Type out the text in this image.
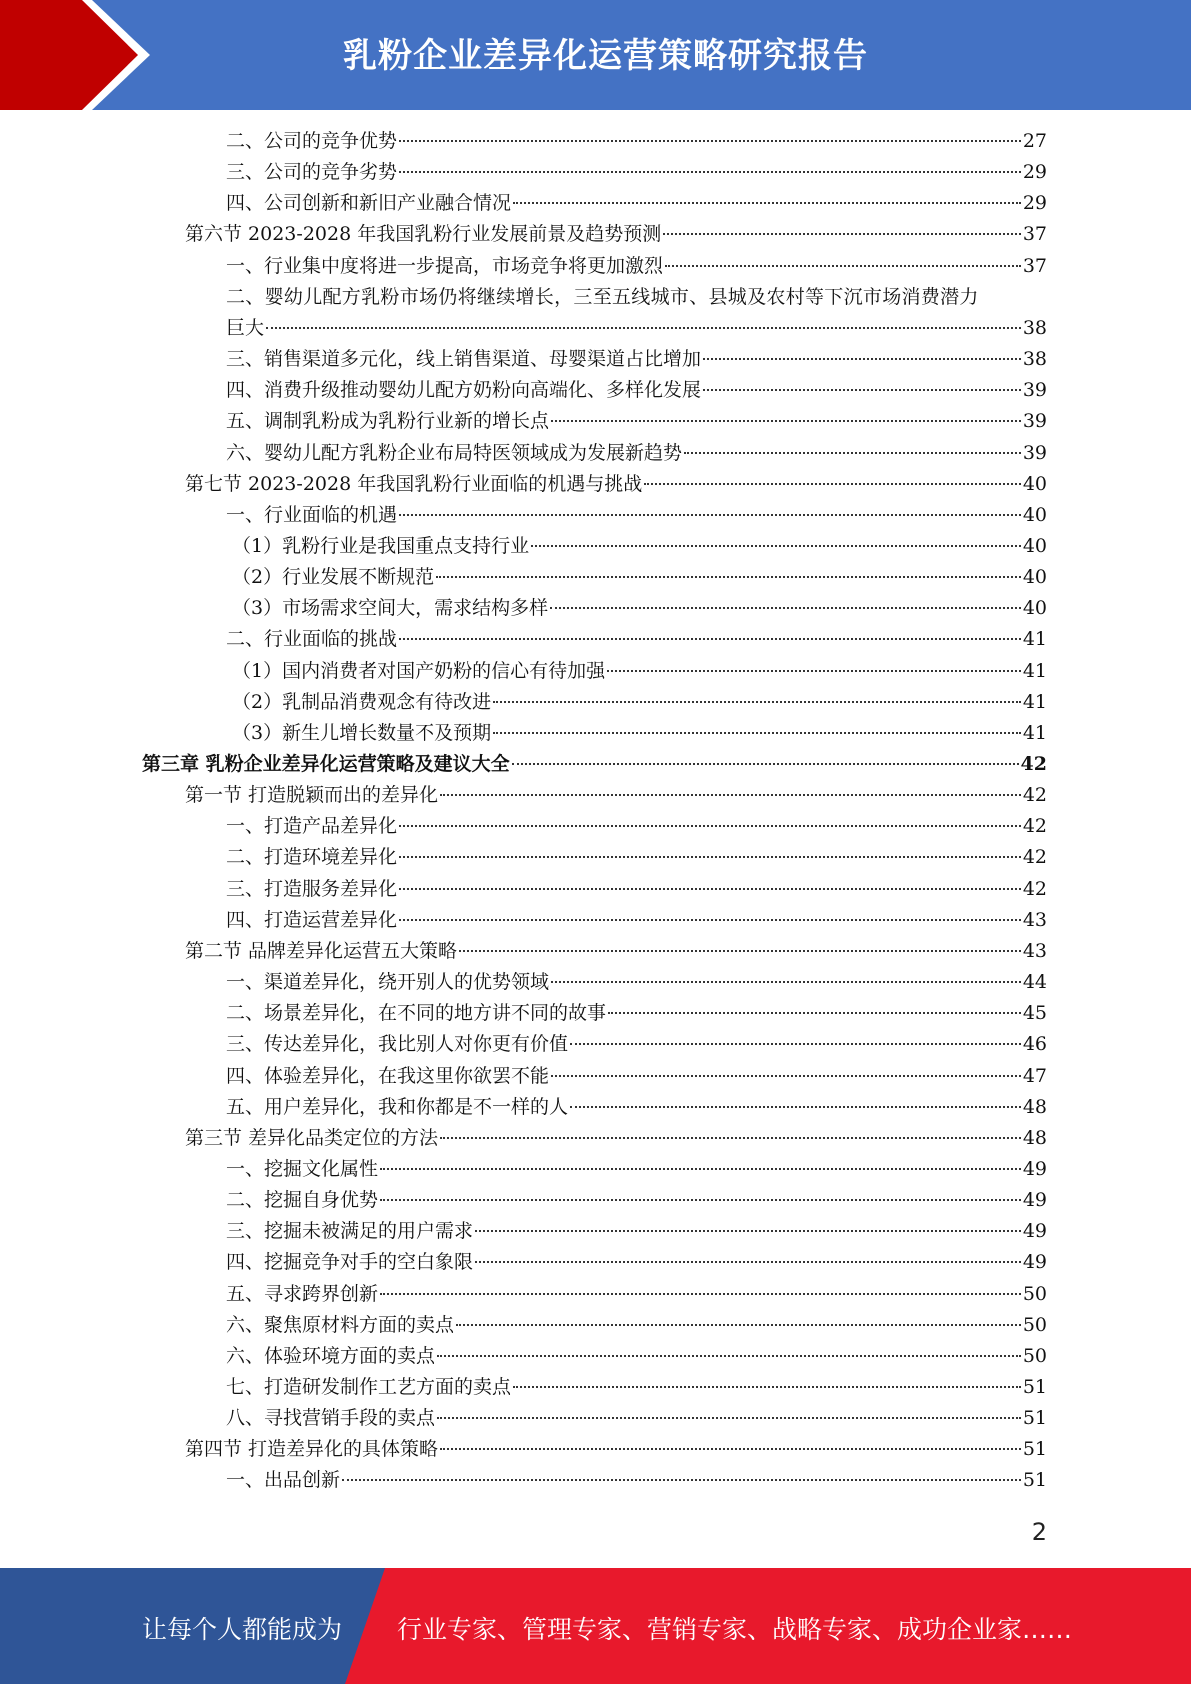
乳粉企业差异化运营策略研究报告
二、公司的竞争优势	27
三、公司的竞争劣势	29
四、公司创新和新旧产业融合情况	29
第六节 2023-2028 年我国乳粉行业发展前景及趋势预测	37
一、行业集中度将进一步提高，市场竞争将更加激烈	37
二、婴幼儿配方乳粉市场仍将继续增长，三至五线城市、县城及农村等下沉市场消费潜力
巨大	38
三、销售渠道多元化，线上销售渠道、母婴渠道占比增加	38
四、消费升级推动婴幼儿配方奶粉向高端化、多样化发展	39
五、调制乳粉成为乳粉行业新的增长点	39
六、婴幼儿配方乳粉企业布局特医领域成为发展新趋势	39
第七节 2023-2028 年我国乳粉行业面临的机遇与挑战	40
一、行业面临的机遇	40
（1）乳粉行业是我国重点支持行业	40
（2）行业发展不断规范	40
（3）市场需求空间大，需求结构多样	40
二、行业面临的挑战	41
（1）国内消费者对国产奶粉的信心有待加强	41
（2）乳制品消费观念有待改进	41
（3）新生儿增长数量不及预期	41
第三章 乳粉企业差异化运营策略及建议大全	42
第一节 打造脱颖而出的差异化	42
一、打造产品差异化	42
二、打造环境差异化	42
三、打造服务差异化	42
四、打造运营差异化	43
第二节 品牌差异化运营五大策略	43
一、渠道差异化，绕开别人的优势领域	44
二、场景差异化，在不同的地方讲不同的故事	45
三、传达差异化，我比别人对你更有价值	46
四、体验差异化，在我这里你欲罢不能	47
五、用户差异化，我和你都是不一样的人	48
第三节 差异化品类定位的方法	48
一、挖掘文化属性	49
二、挖掘自身优势	49
三、挖掘未被满足的用户需求	49
四、挖掘竞争对手的空白象限	49
五、寻求跨界创新	50
六、聚焦原材料方面的卖点	50
六、体验环境方面的卖点	50
七、打造研发制作工艺方面的卖点	51
八、寻找营销手段的卖点	51
第四节 打造差异化的具体策略	51
一、出品创新	51
2
让每个人都能成为 行业专家、管理专家、营销专家、战略专家、成功企业家……
